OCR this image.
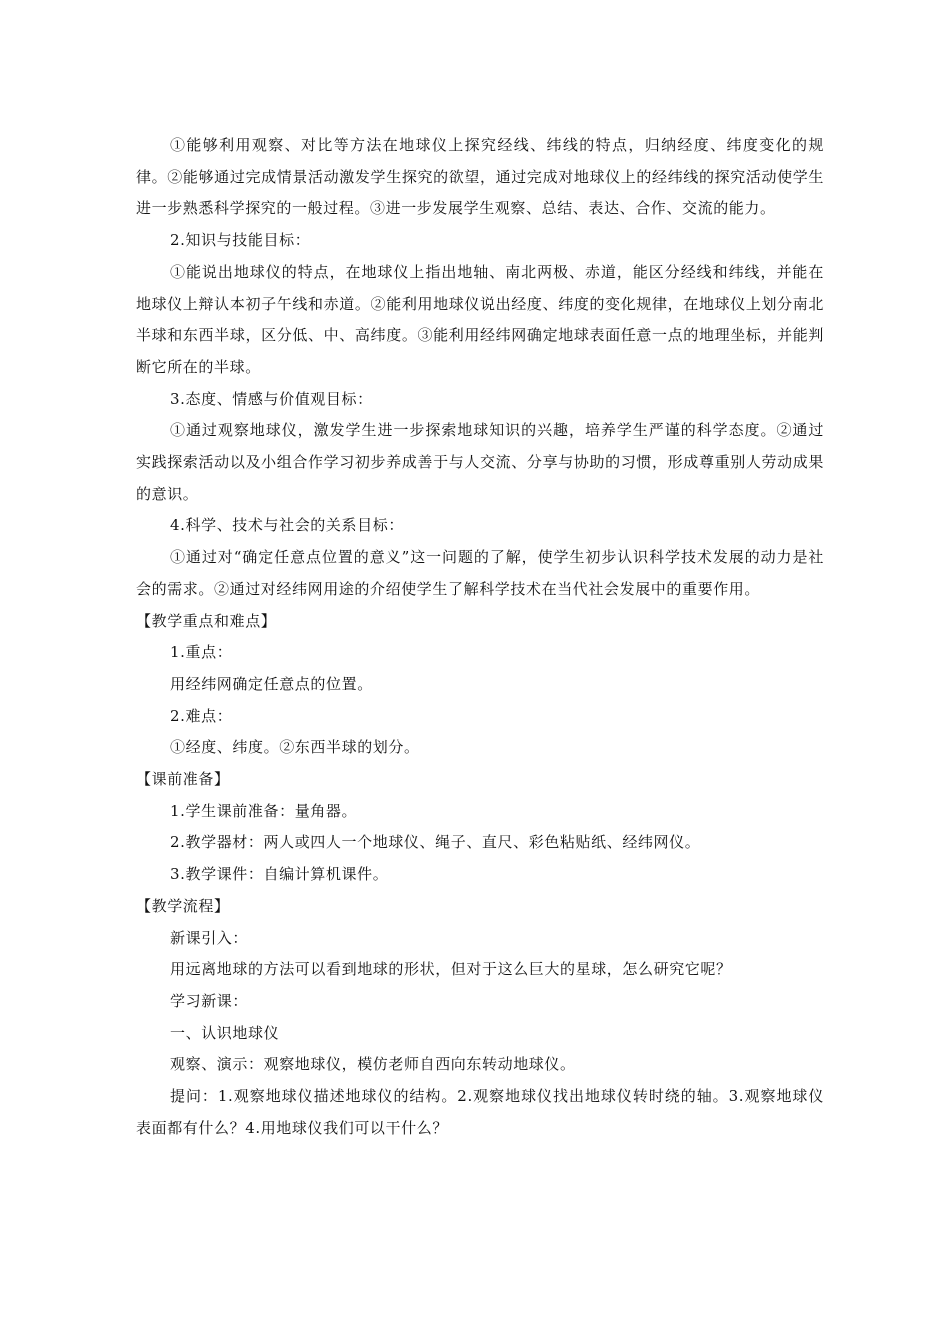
①能够利用观察、对比等方法在地球仪上探究经线、纬线的特点，归纳经度、纬度变化的规律。②能够通过完成情景活动激发学生探究的欲望，通过完成对地球仪上的经纬线的探究活动使学生进一步熟悉科学探究的一般过程。③进一步发展学生观察、总结、表达、合作、交流的能力。

2.知识与技能目标：

①能说出地球仪的特点，在地球仪上指出地轴、南北两极、赤道，能区分经线和纬线，并能在地球仪上辩认本初子午线和赤道。②能利用地球仪说出经度、纬度的变化规律，在地球仪上划分南北半球和东西半球，区分低、中、高纬度。③能利用经纬网确定地球表面任意一点的地理坐标，并能判断它所在的半球。

3.态度、情感与价值观目标：

①通过观察地球仪，激发学生进一步探索地球知识的兴趣，培养学生严谨的科学态度。②通过实践探索活动以及小组合作学习初步养成善于与人交流、分享与协助的习惯，形成尊重别人劳动成果的意识。

4.科学、技术与社会的关系目标：

①通过对“确定任意点位置的意义”这一问题的了解，使学生初步认识科学技术发展的动力是社会的需求。②通过对经纬网用途的介绍使学生了解科学技术在当代社会发展中的重要作用。

【教学重点和难点】

1.重点：

用经纬网确定任意点的位置。

2.难点：

①经度、纬度。②东西半球的划分。

【课前准备】

1.学生课前准备：量角器。

2.教学器材：两人或四人一个地球仪、绳子、直尺、彩色粘贴纸、经纬网仪。

3.教学课件：自编计算机课件。

【教学流程】

新课引入：

用远离地球的方法可以看到地球的形状，但对于这么巨大的星球，怎么研究它呢？

学习新课：

一、认识地球仪

观察、演示：观察地球仪，模仿老师自西向东转动地球仪。

提问：1.观察地球仪描述地球仪的结构。2.观察地球仪找出地球仪转时绕的轴。3.观察地球仪表面都有什么？4.用地球仪我们可以干什么？
